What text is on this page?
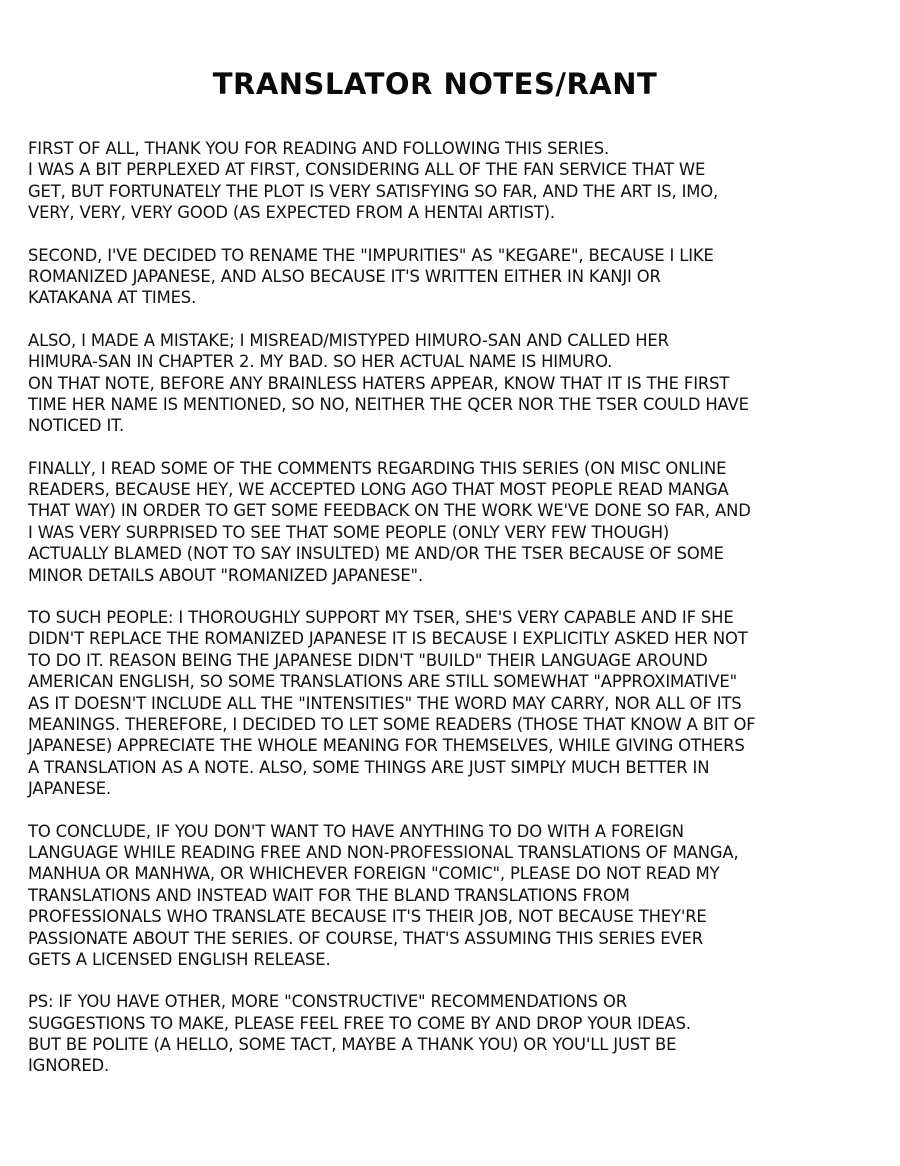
TRANSLATOR NOTES/RANT
FIRST OF ALL, THANK YOU FOR READING AND FOLLOWING THIS SERIES.
I WAS A BIT PERPLEXED AT FIRST, CONSIDERING ALL OF THE FAN SERVICE THAT WE
GET, BUT FORTUNATELY THE PLOT IS VERY SATISFYING SO FAR, AND THE ART IS, IMO,
VERY, VERY, VERY GOOD (AS EXPECTED FROM A HENTAI ARTIST).
SECOND, I'VE DECIDED TO RENAME THE "IMPURITIES" AS "KEGARE", BECAUSE I LIKE
ROMANIZED JAPANESE, AND ALSO BECAUSE IT'S WRITTEN EITHER IN KANJI OR
KATAKANA AT TIMES.
ALSO, I MADE A MISTAKE; I MISREAD/MISTYPED HIMURO-SAN AND CALLED HER
HIMURA-SAN IN CHAPTER 2. MY BAD. SO HER ACTUAL NAME IS HIMURO.
ON THAT NOTE, BEFORE ANY BRAINLESS HATERS APPEAR, KNOW THAT IT IS THE FIRST
TIME HER NAME IS MENTIONED, SO NO, NEITHER THE QCER NOR THE TSER COULD HAVE
NOTICED IT.
FINALLY, I READ SOME OF THE COMMENTS REGARDING THIS SERIES (ON MISC ONLINE
READERS, BECAUSE HEY, WE ACCEPTED LONG AGO THAT MOST PEOPLE READ MANGA
THAT WAY) IN ORDER TO GET SOME FEEDBACK ON THE WORK WE'VE DONE SO FAR, AND
I WAS VERY SURPRISED TO SEE THAT SOME PEOPLE (ONLY VERY FEW THOUGH)
ACTUALLY BLAMED (NOT TO SAY INSULTED) ME AND/OR THE TSER BECAUSE OF SOME
MINOR DETAILS ABOUT "ROMANIZED JAPANESE".
TO SUCH PEOPLE: I THOROUGHLY SUPPORT MY TSER, SHE'S VERY CAPABLE AND IF SHE
DIDN'T REPLACE THE ROMANIZED JAPANESE IT IS BECAUSE I EXPLICITLY ASKED HER NOT
TO DO IT. REASON BEING THE JAPANESE DIDN'T "BUILD" THEIR LANGUAGE AROUND
AMERICAN ENGLISH, SO SOME TRANSLATIONS ARE STILL SOMEWHAT "APPROXIMATIVE"
AS IT DOESN'T INCLUDE ALL THE "INTENSITIES" THE WORD MAY CARRY, NOR ALL OF ITS
MEANINGS. THEREFORE, I DECIDED TO LET SOME READERS (THOSE THAT KNOW A BIT OF
JAPANESE) APPRECIATE THE WHOLE MEANING FOR THEMSELVES, WHILE GIVING OTHERS
A TRANSLATION AS A NOTE. ALSO, SOME THINGS ARE JUST SIMPLY MUCH BETTER IN
JAPANESE.
TO CONCLUDE, IF YOU DON'T WANT TO HAVE ANYTHING TO DO WITH A FOREIGN
LANGUAGE WHILE READING FREE AND NON-PROFESSIONAL TRANSLATIONS OF MANGA,
MANHUA OR MANHWA, OR WHICHEVER FOREIGN "COMIC", PLEASE DO NOT READ MY
TRANSLATIONS AND INSTEAD WAIT FOR THE BLAND TRANSLATIONS FROM
PROFESSIONALS WHO TRANSLATE BECAUSE IT'S THEIR JOB, NOT BECAUSE THEY'RE
PASSIONATE ABOUT THE SERIES. OF COURSE, THAT'S ASSUMING THIS SERIES EVER
GETS A LICENSED ENGLISH RELEASE.
PS: IF YOU HAVE OTHER, MORE "CONSTRUCTIVE" RECOMMENDATIONS OR
SUGGESTIONS TO MAKE, PLEASE FEEL FREE TO COME BY AND DROP YOUR IDEAS.
BUT BE POLITE (A HELLO, SOME TACT, MAYBE A THANK YOU) OR YOU'LL JUST BE
IGNORED.
